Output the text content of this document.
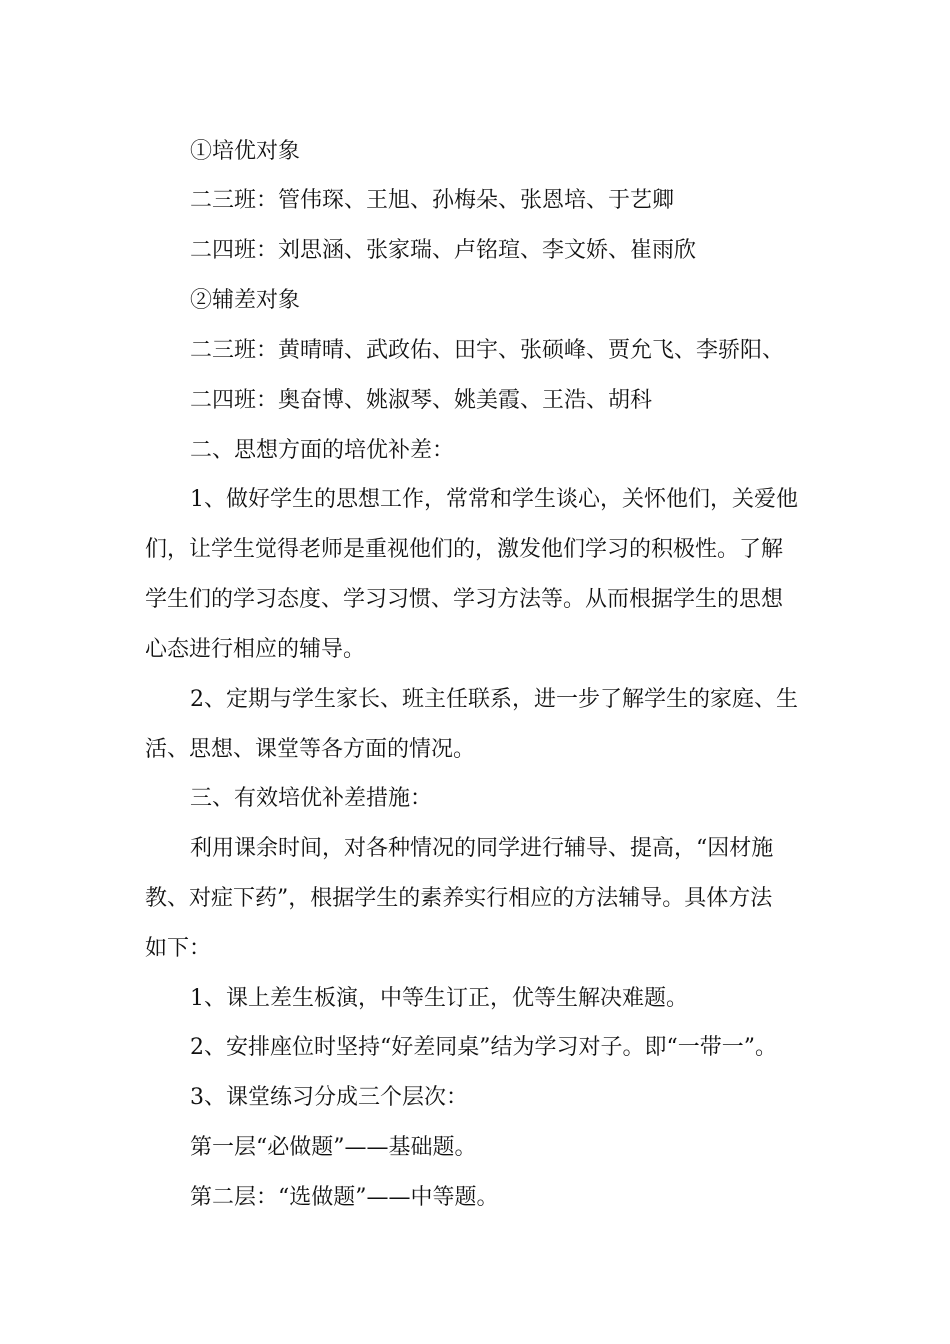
①培优对象
二三班：管伟琛、王旭、孙梅朵、张恩培、于艺卿
二四班：刘思涵、张家瑞、卢铭瑄、李文娇、崔雨欣
②辅差对象
二三班：黄晴晴、武政佑、田宇、张硕峰、贾允飞、李骄阳、
二四班：奥奋博、姚淑琴、姚美霞、王浩、胡科
二、思想方面的培优补差：
1、做好学生的思想工作，常常和学生谈心，关怀他们，关爱他
们，让学生觉得老师是重视他们的，激发他们学习的积极性。了解
学生们的学习态度、学习习惯、学习方法等。从而根据学生的思想
心态进行相应的辅导。
2、定期与学生家长、班主任联系，进一步了解学生的家庭、生
活、思想、课堂等各方面的情况。
三、有效培优补差措施：
利用课余时间，对各种情况的同学进行辅导、提高，“因材施
教、对症下药”，根据学生的素养实行相应的方法辅导。具体方法
如下：
1、课上差生板演，中等生订正，优等生解决难题。
2、安排座位时坚持“好差同桌”结为学习对子。即“一带一”。
3、课堂练习分成三个层次：
第一层“必做题”——基础题。
第二层：“选做题”——中等题。
